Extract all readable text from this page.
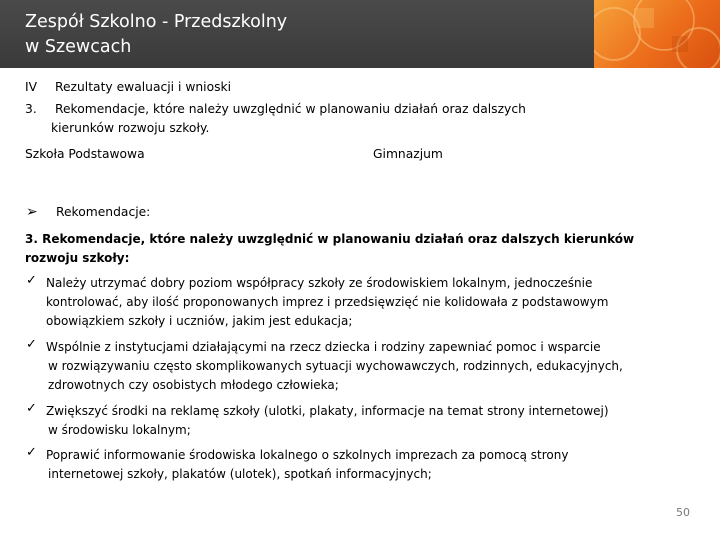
Zespół Szkolno - Przedszkolny
w Szewcach
IV Rezultaty ewaluacji i wnioski
3. Rekomendacje, które należy uwzględnić w planowaniu działań oraz dalszych
kierunków rozwoju szkoły.
Szkoła Podstawowa	Gimnazjum
➢ Rekomendacje:
3. Rekomendacje, które należy uwzględnić w planowaniu działań oraz dalszych kierunków
rozwoju szkoły:
✓ Należy utrzymać dobry poziom współpracy szkoły ze środowiskiem lokalnym, jednocześnie
kontrolować, aby ilość proponowanych imprez i przedsięwzięć nie kolidowała z podstawowym
obowiązkiem szkoły i uczniów, jakim jest edukacja;
✓ Wspólnie z instytucjami działającymi na rzecz dziecka i rodziny zapewniać pomoc i wsparcie
w rozwiązywaniu często skomplikowanych sytuacji wychowawczych, rodzinnych, edukacyjnych,
zdrowotnych czy osobistych młodego człowieka;
✓ Zwiększyć środki na reklamę szkoły (ulotki, plakaty, informacje na temat strony internetowej)
w środowisku lokalnym;
✓ Poprawić informowanie środowiska lokalnego o szkolnych imprezach za pomocą strony
internetowej szkoły, plakatów (ulotek), spotkań informacyjnych;
50
